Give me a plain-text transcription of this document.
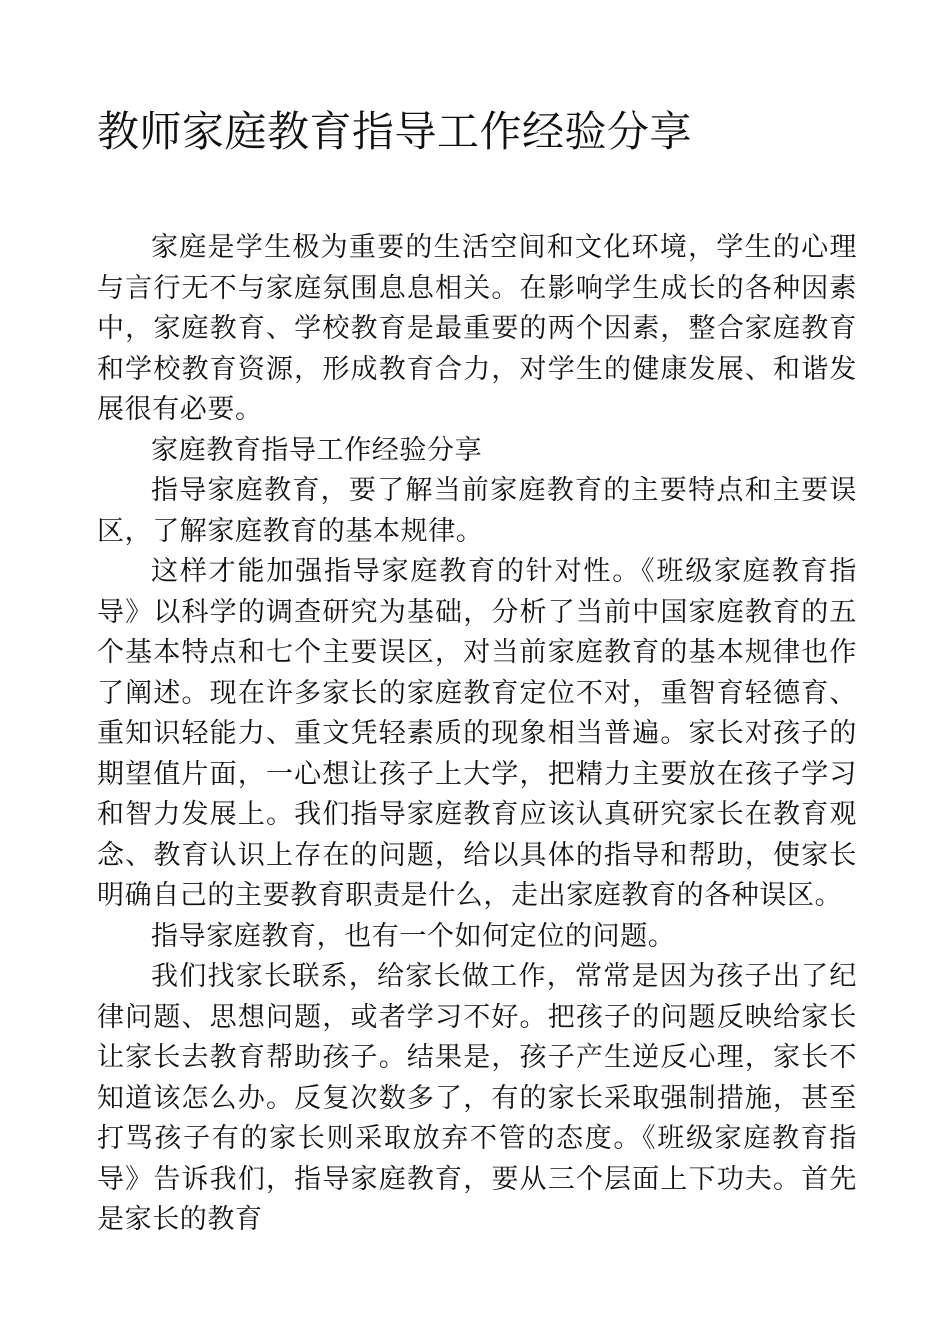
教师家庭教育指导工作经验分享

家庭是学生极为重要的生活空间和文化环境，学生的心理与言行无不与家庭氛围息息相关。在影响学生成长的各种因素中，家庭教育、学校教育是最重要的两个因素，整合家庭教育和学校教育资源，形成教育合力，对学生的健康发展、和谐发展很有必要。

家庭教育指导工作经验分享

指导家庭教育，要了解当前家庭教育的主要特点和主要误区，了解家庭教育的基本规律。

这样才能加强指导家庭教育的针对性。《班级家庭教育指导》以科学的调查研究为基础，分析了当前中国家庭教育的五个基本特点和七个主要误区，对当前家庭教育的基本规律也作了阐述。现在许多家长的家庭教育定位不对，重智育轻德育、重知识轻能力、重文凭轻素质的现象相当普遍。家长对孩子的期望值片面，一心想让孩子上大学，把精力主要放在孩子学习和智力发展上。我们指导家庭教育应该认真研究家长在教育观念、教育认识上存在的问题，给以具体的指导和帮助，使家长明确自己的主要教育职责是什么，走出家庭教育的各种误区。

指导家庭教育，也有一个如何定位的问题。

我们找家长联系，给家长做工作，常常是因为孩子出了纪律问题、思想问题，或者学习不好。把孩子的问题反映给家长让家长去教育帮助孩子。结果是，孩子产生逆反心理，家长不知道该怎么办。反复次数多了，有的家长采取强制措施，甚至打骂孩子有的家长则采取放弃不管的态度。《班级家庭教育指导》告诉我们，指导家庭教育，要从三个层面上下功夫。首先是家长的教育
